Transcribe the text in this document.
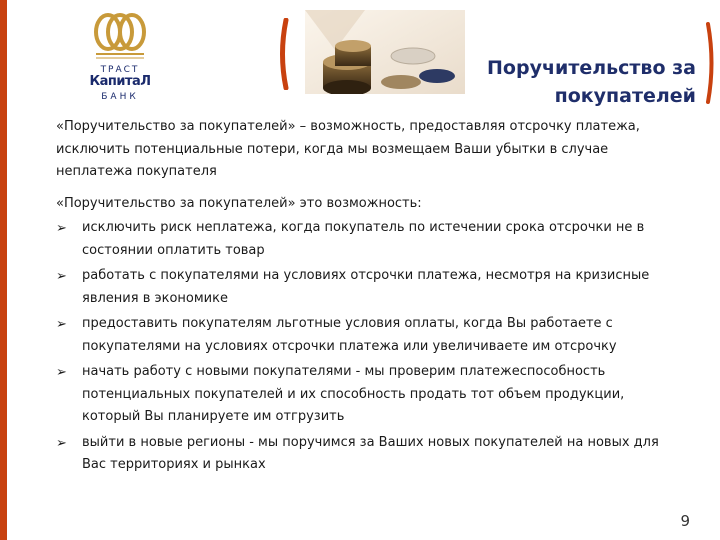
ТРАСТ
КапитаЛ
БАНК
Поручительство за
покупателей

«Поручительство за покупателей» – возможность, предоставляя отсрочку платежа, исключить потенциальные потери, когда мы возмещаем Ваши убытки в случае неплатежа покупателя

«Поручительство за покупателей» это возможность:

➢ исключить риск неплатежа, когда покупатель по истечении срока отсрочки не в состоянии оплатить товар
➢ работать с покупателями на условиях отсрочки платежа, несмотря на кризисные явления в экономике
➢ предоставить покупателям льготные условия оплаты, когда Вы работаете с покупателями на условиях отсрочки платежа или увеличиваете им отсрочку
➢ начать работу с новыми покупателями - мы проверим платежеспособность потенциальных покупателей и их способность продать тот объем продукции, который Вы планируете им отгрузить
➢ выйти в новые регионы - мы поручимся за Ваших новых покупателей на новых для Вас территориях и рынках
9
